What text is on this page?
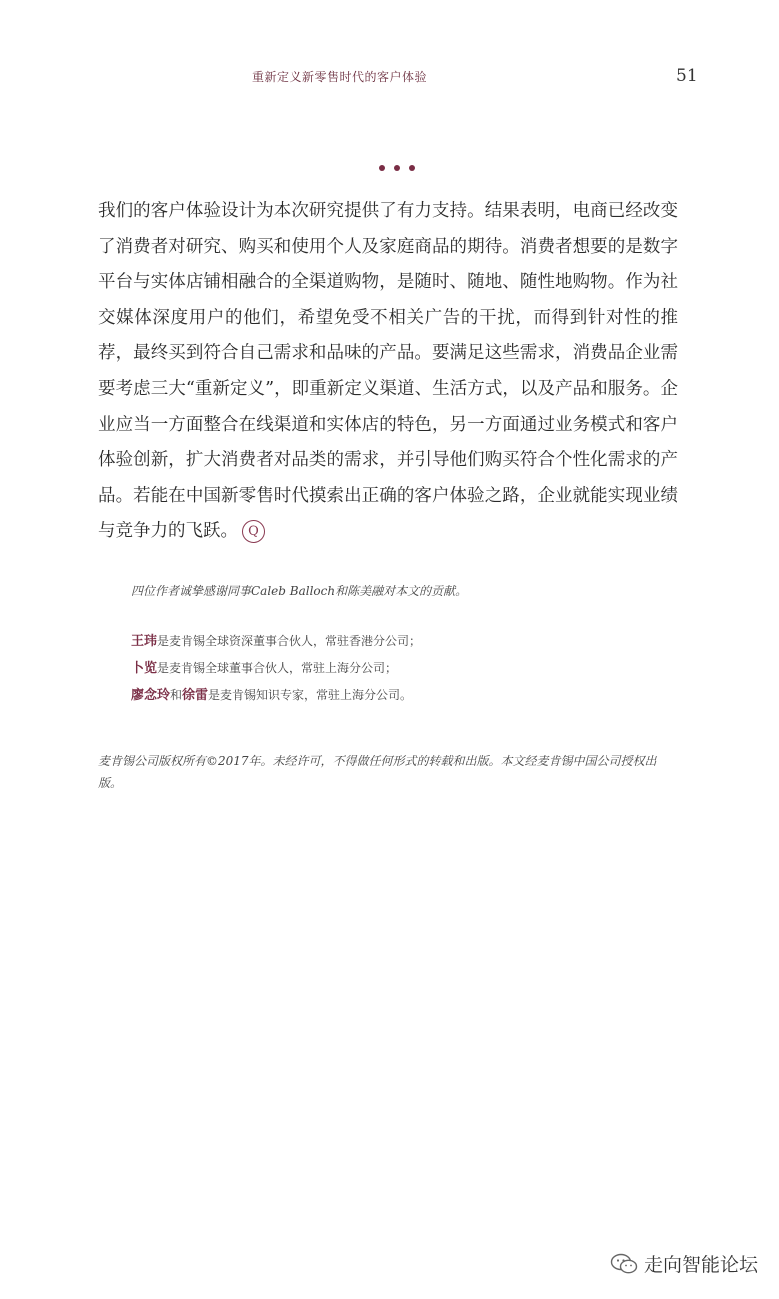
重新定义新零售时代的客户体验	51
我们的客户体验设计为本次研究提供了有力支持。结果表明，电商已经改变了消费者对研究、购买和使用个人及家庭商品的期待。消费者想要的是数字平台与实体店铺相融合的全渠道购物，是随时、随地、随性地购物。作为社交媒体深度用户的他们，希望免受不相关广告的干扰，而得到针对性的推荐，最终买到符合自己需求和品味的产品。要满足这些需求，消费品企业需要考虑三大“重新定义”，即重新定义渠道、生活方式，以及产品和服务。企业应当一方面整合在线渠道和实体店的特色，另一方面通过业务模式和客户体验创新，扩大消费者对品类的需求，并引导他们购买符合个性化需求的产品。若能在中国新零售时代摸索出正确的客户体验之路，企业就能实现业绩与竞争力的飞跃。 Q
四位作者诚挚感谢同事Caleb Balloch和陈美融对本文的贡献。
王玮是麦肯锡全球资深董事合伙人，常驻香港分公司；
卜览是麦肯锡全球董事合伙人，常驻上海分公司；
廖念玲和徐雷是麦肯锡知识专家，常驻上海分公司。
麦肯锡公司版权所有©2017年。未经许可，不得做任何形式的转载和出版。本文经麦肯锡中国公司授权出版。
走向智能论坛
